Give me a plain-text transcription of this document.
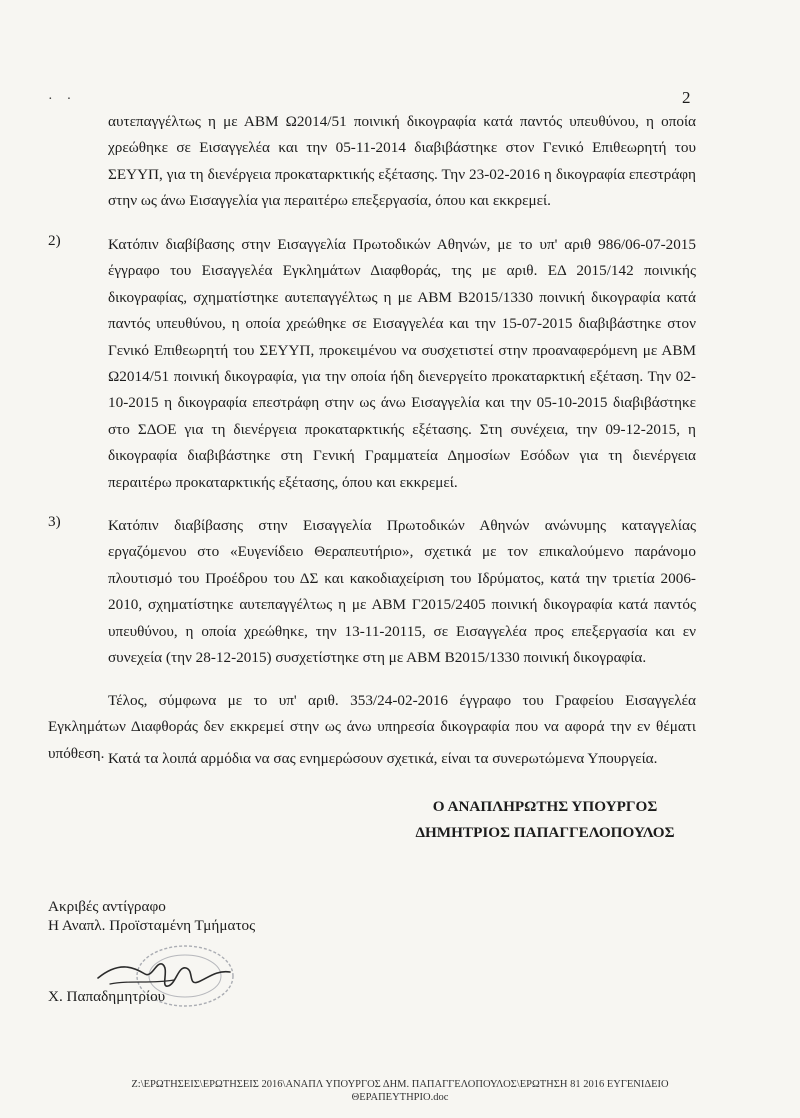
··	2

αυτεπαγγέλτως η με ΑΒΜ Ω2014/51 ποινική δικογραφία κατά παντός υπευθύνου, η οποία χρεώθηκε σε Εισαγγελέα και την 05-11-2014 διαβιβάστηκε στον Γενικό Επιθεωρητή του ΣΕΥΥΠ, για τη διενέργεια προκαταρκτικής εξέτασης. Την 23-02-2016 η δικογραφία επεστράφη στην ως άνω Εισαγγελία για περαιτέρω επεξεργασία, όπου και εκκρεμεί.

2)	Κατόπιν διαβίβασης στην Εισαγγελία Πρωτοδικών Αθηνών, με το υπ' αριθ 986/06-07-2015 έγγραφο του Εισαγγελέα Εγκλημάτων Διαφθοράς, της με αριθ. ΕΔ 2015/142 ποινικής δικογραφίας, σχηματίστηκε αυτεπαγγέλτως η με ΑΒΜ Β2015/1330 ποινική δικογραφία κατά παντός υπευθύνου, η οποία χρεώθηκε σε Εισαγγελέα και την 15-07-2015 διαβιβάστηκε στον Γενικό Επιθεωρητή του ΣΕΥΥΠ, προκειμένου να συσχετιστεί στην προαναφερόμενη με ΑΒΜ Ω2014/51 ποινική δικογραφία, για την οποία ήδη διενεργείτο προκαταρκτική εξέταση. Την 02-10-2015 η δικογραφία επεστράφη στην ως άνω Εισαγγελία και την 05-10-2015 διαβιβάστηκε στο ΣΔΟΕ για τη διενέργεια προκαταρκτικής εξέτασης. Στη συνέχεια, την 09-12-2015, η δικογραφία διαβιβάστηκε στη Γενική Γραμματεία Δημοσίων Εσόδων για τη διενέργεια περαιτέρω προκαταρκτικής εξέτασης, όπου και εκκρεμεί.

3)	Κατόπιν διαβίβασης στην Εισαγγελία Πρωτοδικών Αθηνών ανώνυμης καταγγελίας εργαζόμενου στο «Ευγενίδειο Θεραπευτήριο», σχετικά με τον επικαλούμενο παράνομο πλουτισμό του Προέδρου του ΔΣ και κακοδιαχείριση του Ιδρύματος, κατά την τριετία 2006-2010, σχηματίστηκε αυτεπαγγέλτως η με ΑΒΜ Γ2015/2405 ποινική δικογραφία κατά παντός υπευθύνου, η οποία χρεώθηκε, την 13-11-20115, σε Εισαγγελέα προς επεξεργασία και εν συνεχεία (την 28-12-2015) συσχετίστηκε στη με ΑΒΜ Β2015/1330 ποινική δικογραφία.

Τέλος, σύμφωνα με το υπ' αριθ. 353/24-02-2016 έγγραφο του Γραφείου Εισαγγελέα Εγκλημάτων Διαφθοράς δεν εκκρεμεί στην ως άνω υπηρεσία δικογραφία που να αφορά την εν θέματι υπόθεση. Κατά τα λοιπά αρμόδια να σας ενημερώσουν σχετικά, είναι τα συνερωτώμενα Υπουργεία.

Ο ΑΝΑΠΛΗΡΩΤΗΣ ΥΠΟΥΡΓΟΣ
ΔΗΜΗΤΡΙΟΣ ΠΑΠΑΓΓΕΛΟΠΟΥΛΟΣ
Ακριβές αντίγραφο
Η Αναπλ. Προϊσταμένη Τμήματος
Χ. Παπαδημητρίου
Z:\ΕΡΩΤΗΣΕΙΣ\ΕΡΩΤΗΣΕΙΣ 2016\ΑΝΑΠΛ ΥΠΟΥΡΓΟΣ ΔΗΜ. ΠΑΠΑΓΓΕΛΟΠΟΥΛΟΣ\ΕΡΩΤΗΣΗ 81 2016 ΕΥΓΕΝΙΔΕΙΟ
ΘΕΡΑΠΕΥΤΗΡΙΟ.doc
